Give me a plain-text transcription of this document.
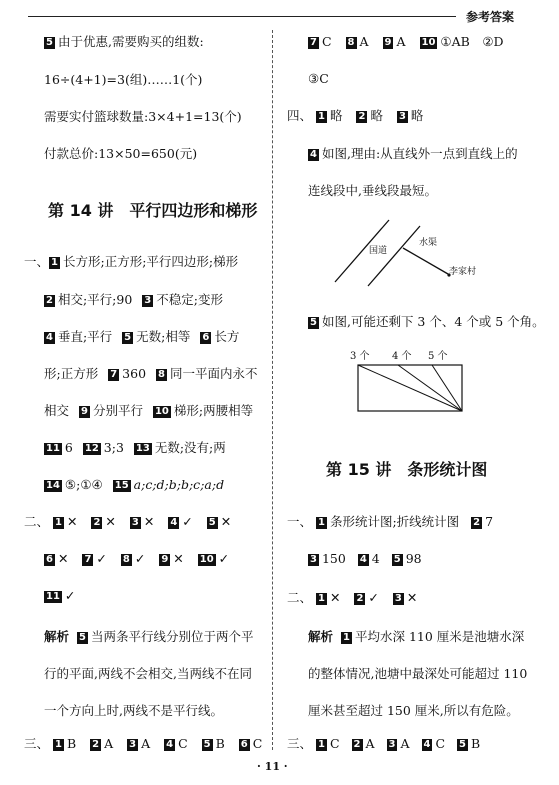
参考答案
5 由于优惠,需要购买的组数:
16÷(4+1)=3(组)……1(个)
需要实付篮球数量:3×4+1=13(个)
付款总价:13×50=650(元)
第 14 讲　平行四边形和梯形
一、 1 长方形;正方形;平行四边形;梯形
2 相交;平行;90 3 不稳定;变形
4 垂直;平行 5 无数;相等 6 长方
形;正方形 7 360 8 同一平面内永不
相交 9 分别平行 10 梯形;两腰相等
11 6 12 3;3 13 无数;没有;两
14 ⑤;①④ 15 a;c;d;b;b;c;a;d
二、 1 ✕ 2 ✕ 3 ✕ 4 ✓ 5 ✕
6 ✕ 7 ✓ 8 ✓ 9 ✕ 10 ✓
11 ✓
解析 5 当两条平行线分别位于两个平
行的平面,两线不会相交,当两线不在同
一个方向上时,两线不是平行线。
三、 1 B 2 A 3 A 4 C 5 B 6 C
7 C 8 A 9 A 10 ①AB　②D
③C
四、 1 略 2 略 3 略
4 如图,理由:从直线外一点到直线上的
连线段中,垂线段最短。
国道
水渠
李家村
5 如图,可能还剩下 3 个、4 个或 5 个角。
3 个 4 个 5 个
第 15 讲　条形统计图
一、 1 条形统计图;折线统计图 2 7
3 150 4 4 5 98
二、 1 ✕ 2 ✓ 3 ✕
解析 1 平均水深 110 厘米是池塘水深
的整体情况,池塘中最深处可能超过 110
厘米甚至超过 150 厘米,所以有危险。
三、 1 C 2 A 3 A 4 C 5 B
· 11 ·
